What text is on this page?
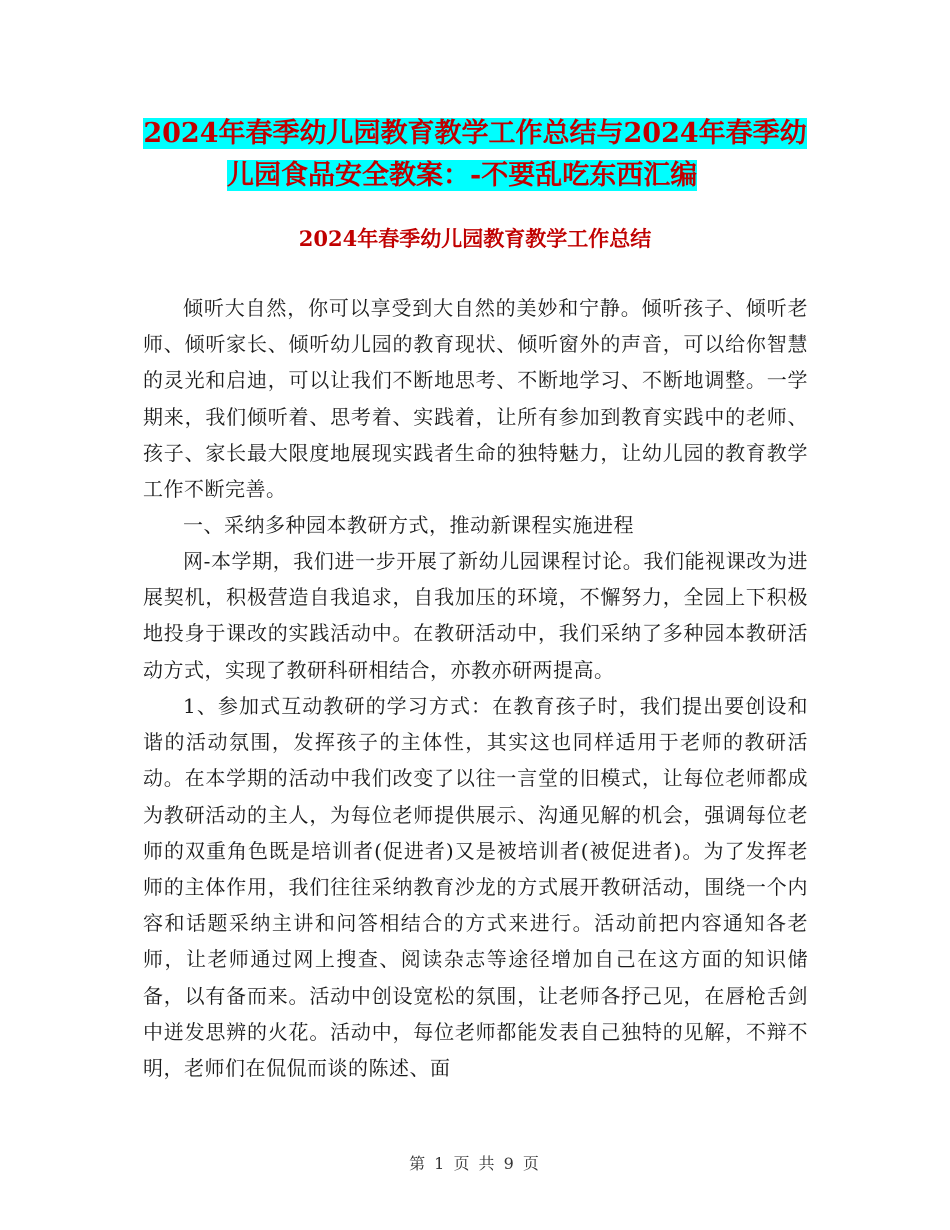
2024年春季幼儿园教育教学工作总结与2024年春季幼
儿园食品安全教案：-不要乱吃东西汇编
2024年春季幼儿园教育教学工作总结

倾听大自然，你可以享受到大自然的美妙和宁静。倾听孩子、倾听老师、倾听家长、倾听幼儿园的教育现状、倾听窗外的声音，可以给你智慧的灵光和启迪，可以让我们不断地思考、不断地学习、不断地调整。一学期来，我们倾听着、思考着、实践着，让所有参加到教育实践中的老师、孩子、家长最大限度地展现实践者生命的独特魅力，让幼儿园的教育教学工作不断完善。

一、采纳多种园本教研方式，推动新课程实施进程

网-本学期，我们进一步开展了新幼儿园课程讨论。我们能视课改为进展契机，积极营造自我追求，自我加压的环境，不懈努力，全园上下积极地投身于课改的实践活动中。在教研活动中，我们采纳了多种园本教研活动方式，实现了教研科研相结合，亦教亦研两提高。

1、参加式互动教研的学习方式：在教育孩子时，我们提出要创设和谐的活动氛围，发挥孩子的主体性，其实这也同样适用于老师的教研活动。在本学期的活动中我们改变了以往一言堂的旧模式，让每位老师都成为教研活动的主人，为每位老师提供展示、沟通见解的机会，强调每位老师的双重角色既是培训者(促进者)又是被培训者(被促进者)。为了发挥老师的主体作用，我们往往采纳教育沙龙的方式展开教研活动，围绕一个内容和话题采纳主讲和问答相结合的方式来进行。活动前把内容通知各老师，让老师通过网上搜查、阅读杂志等途径增加自己在这方面的知识储备，以有备而来。活动中创设宽松的氛围，让老师各抒己见，在唇枪舌剑中迸发思辨的火花。活动中，每位老师都能发表自己独特的见解，不辩不明，老师们在侃侃而谈的陈述、面

第 1 页 共 9 页
